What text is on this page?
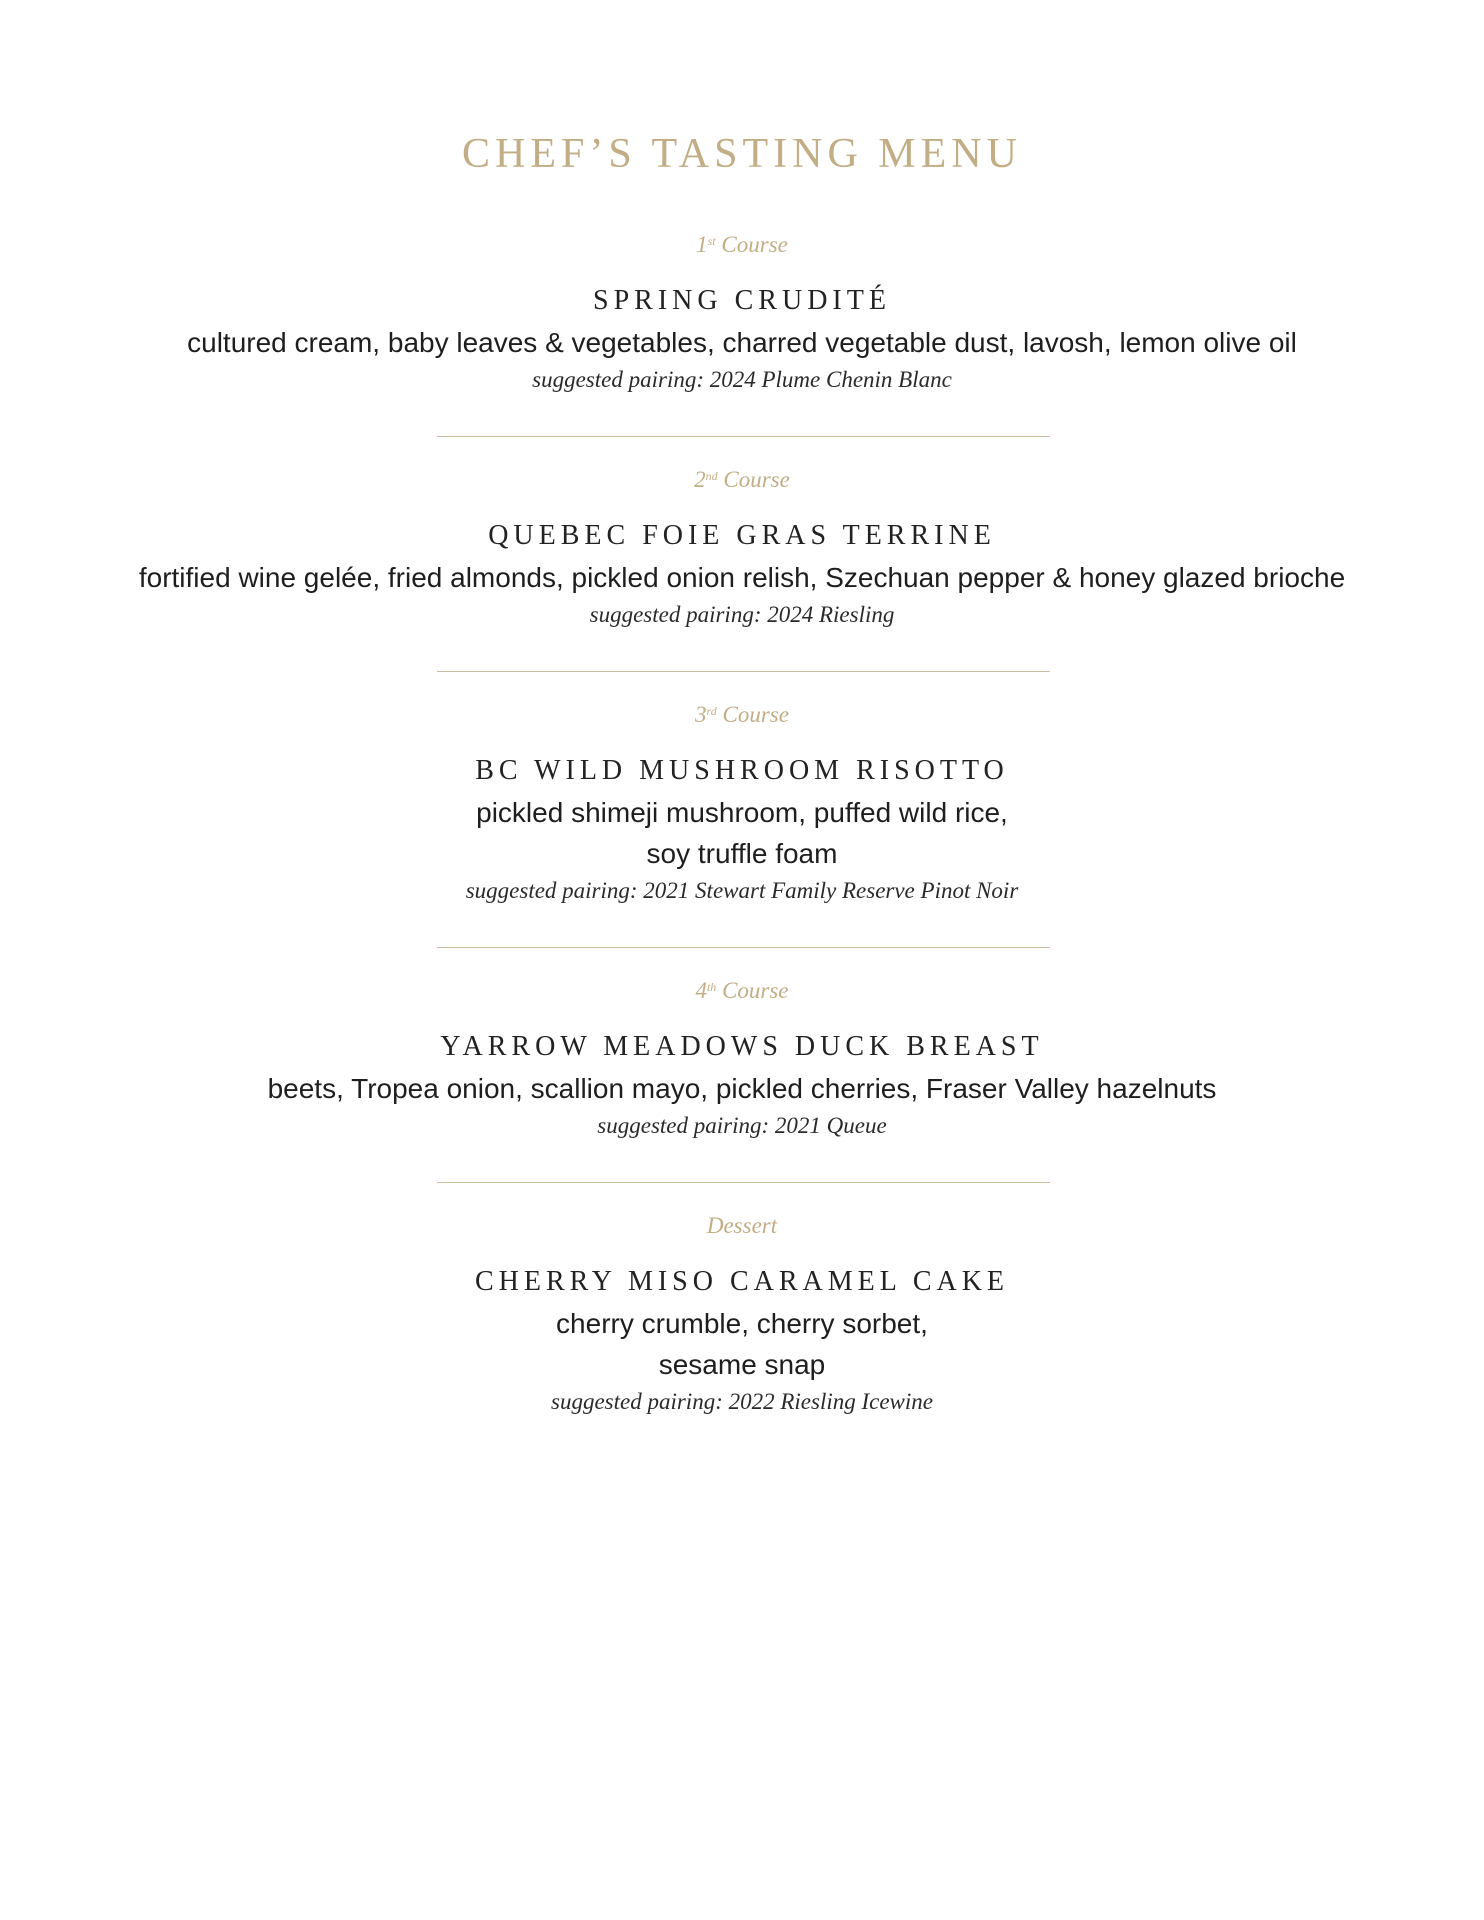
CHEF’S TASTING MENU
1st Course
SPRING CRUDITÉ
cultured cream, baby leaves & vegetables, charred vegetable dust, lavosh, lemon olive oil
suggested pairing: 2024 Plume Chenin Blanc
2nd Course
QUEBEC FOIE GRAS TERRINE
fortified wine gelée, fried almonds, pickled onion relish, Szechuan pepper & honey glazed brioche
suggested pairing: 2024 Riesling
3rd Course
BC WILD MUSHROOM RISOTTO
pickled shimeji mushroom, puffed wild rice,
soy truffle foam
suggested pairing: 2021 Stewart Family Reserve Pinot Noir
4th Course
YARROW MEADOWS DUCK BREAST
beets, Tropea onion, scallion mayo, pickled cherries, Fraser Valley hazelnuts
suggested pairing: 2021 Queue
Dessert
CHERRY MISO CARAMEL CAKE
cherry crumble, cherry sorbet,
sesame snap
suggested pairing: 2022 Riesling Icewine
